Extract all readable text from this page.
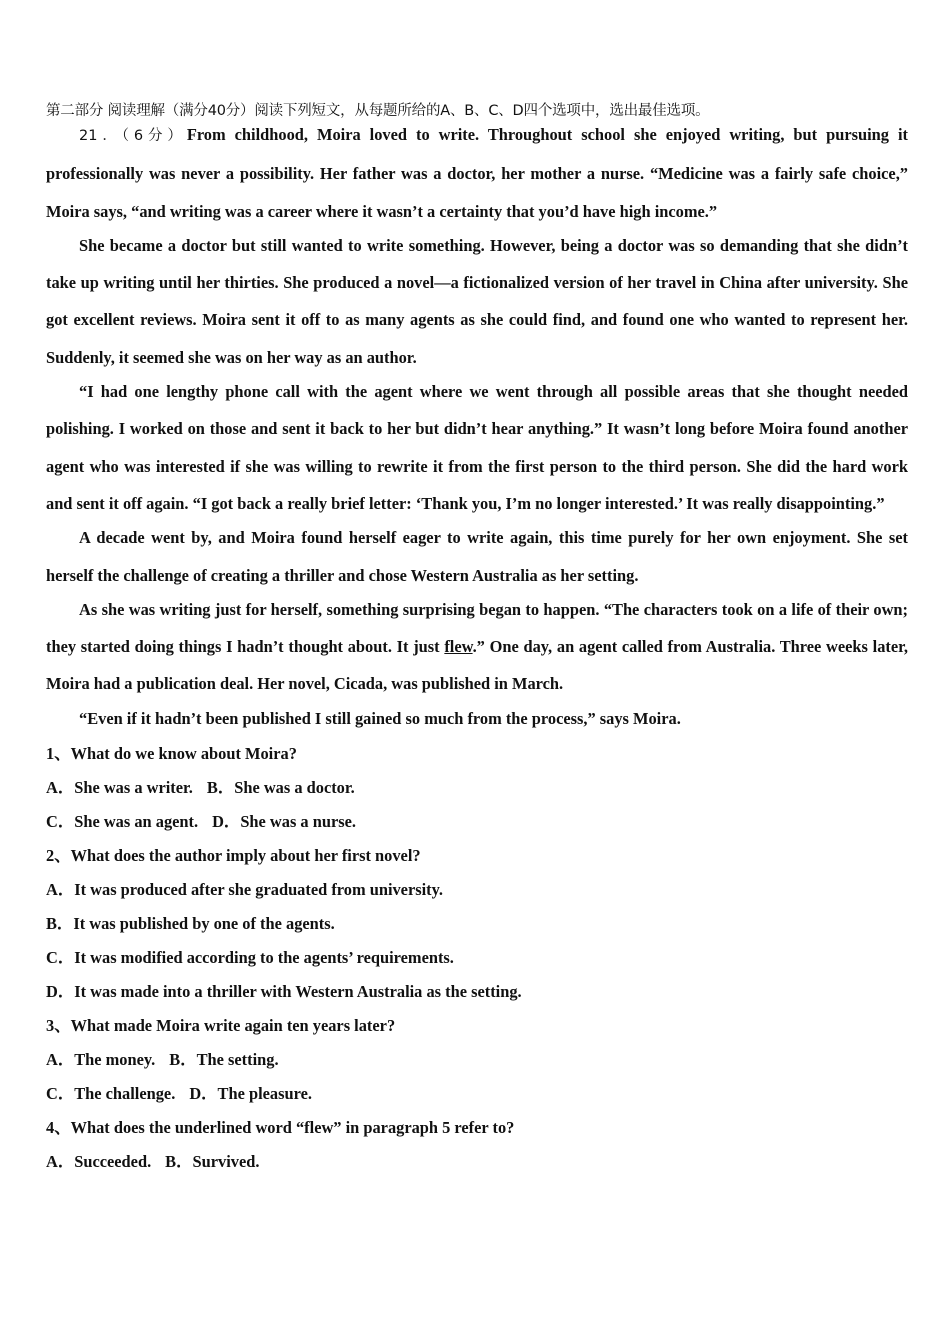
第二部分 阅读理解（满分40分）阅读下列短文，从每题所给的A、B、C、D四个选项中，选出最佳选项。

21．（6分）From childhood, Moira loved to write. Throughout school she enjoyed writing, but pursuing it professionally was never a possibility. Her father was a doctor, her mother a nurse. “Medicine was a fairly safe choice,” Moira says, “and writing was a career where it wasn’t a certainty that you’d have high income.”

She became a doctor but still wanted to write something. However, being a doctor was so demanding that she didn’t take up writing until her thirties. She produced a novel—a fictionalized version of her travel in China after university. She got excellent reviews. Moira sent it off to as many agents as she could find, and found one who wanted to represent her. Suddenly, it seemed she was on her way as an author.

“I had one lengthy phone call with the agent where we went through all possible areas that she thought needed polishing. I worked on those and sent it back to her but didn’t hear anything.” It wasn’t long before Moira found another agent who was interested if she was willing to rewrite it from the first person to the third person. She did the hard work and sent it off again. “I got back a really brief letter: ‘Thank you, I’m no longer interested.’ It was really disappointing.”

A decade went by, and Moira found herself eager to write again, this time purely for her own enjoyment. She set herself the challenge of creating a thriller and chose Western Australia as her setting.

As she was writing just for herself, something surprising began to happen. “The characters took on a life of their own; they started doing things I hadn’t thought about. It just flew.” One day, an agent called from Australia. Three weeks later, Moira had a publication deal. Her novel, Cicada, was published in March.

“Even if it hadn’t been published I still gained so much from the process,” says Moira.

1、What do we know about Moira?

A．She was a writer. B．She was a doctor.

C．She was an agent. D．She was a nurse.

2、What does the author imply about her first novel?

A．It was produced after she graduated from university.

B．It was published by one of the agents.

C．It was modified according to the agents’ requirements.

D．It was made into a thriller with Western Australia as the setting.

3、What made Moira write again ten years later?

A．The money. B．The setting.

C．The challenge. D．The pleasure.

4、What does the underlined word “flew” in paragraph 5 refer to?

A．Succeeded. B．Survived.
